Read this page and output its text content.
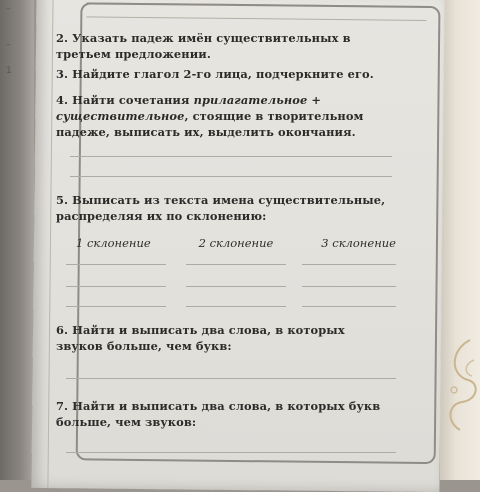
–
–
1
2. Указать падеж имён существительных в третьем предложении.
3. Найдите глагол 2-го лица, подчеркните его.
4. Найти сочетания прилагательное + существительное, стоящие в творительном падеже, выписать их, выделить окончания.
5. Выписать из текста имена существительные, распределяя их по склонению:
1 склонение	2 склонение	3 склонение
6. Найти и выписать два слова, в которых звуков больше, чем букв:
7. Найти и выписать два слова, в которых букв больше, чем звуков:
